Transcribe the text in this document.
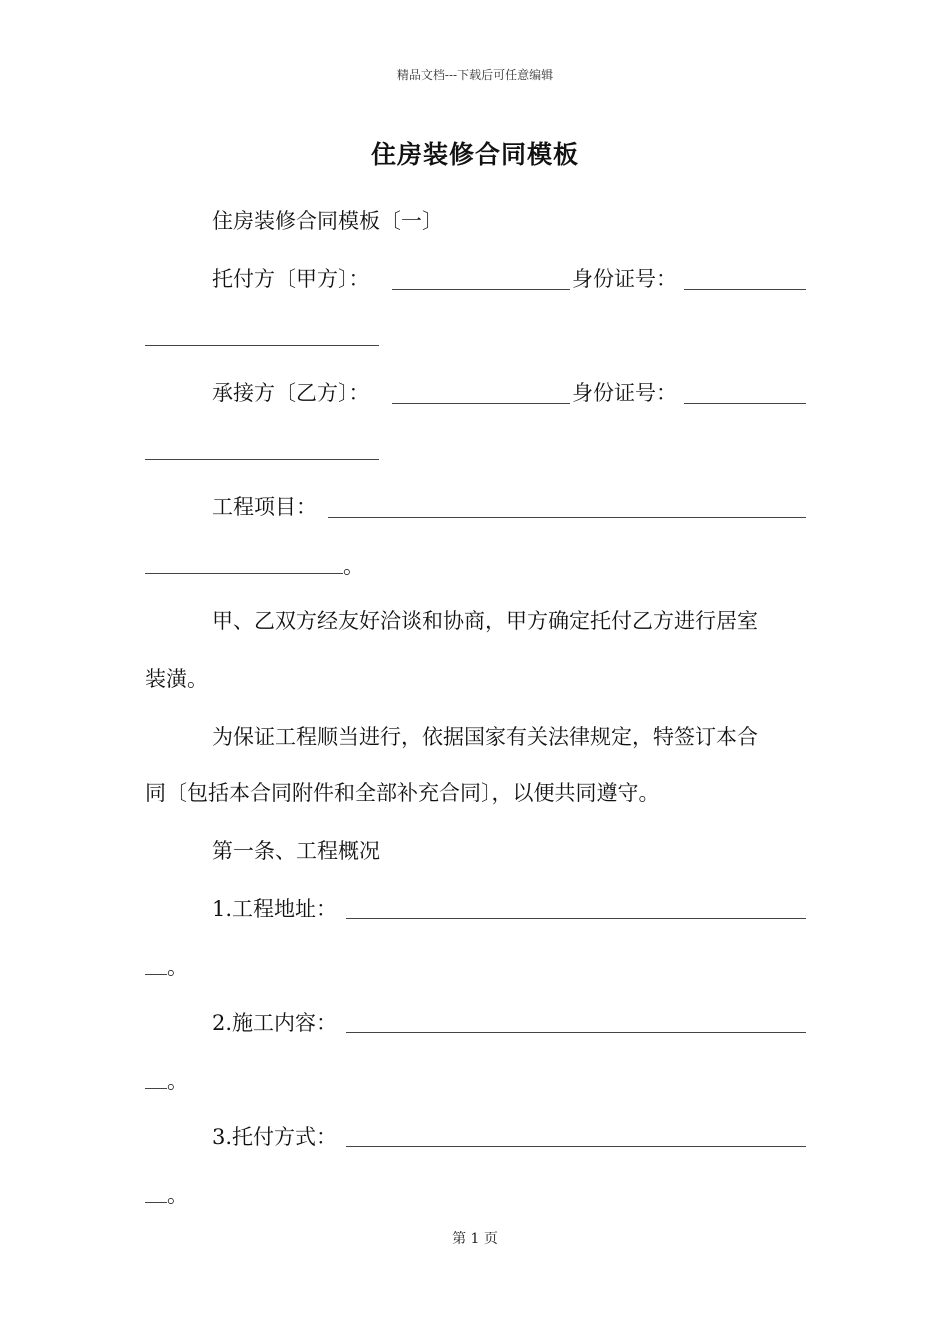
精品文档---下载后可任意编辑
住房装修合同模板
住房装修合同模板〔一〕
托付方〔甲方〕：	身份证号：
承接方〔乙方〕：	身份证号：
工程项目：
。
甲、乙双方经友好洽谈和协商，甲方确定托付乙方进行居室
装潢。
为保证工程顺当进行，依据国家有关法律规定，特签订本合
同〔包括本合同附件和全部补充合同〕，以便共同遵守。
第一条、工程概况
1.工程地址：
。
2.施工内容：
。
3.托付方式：
。
第 1 页
